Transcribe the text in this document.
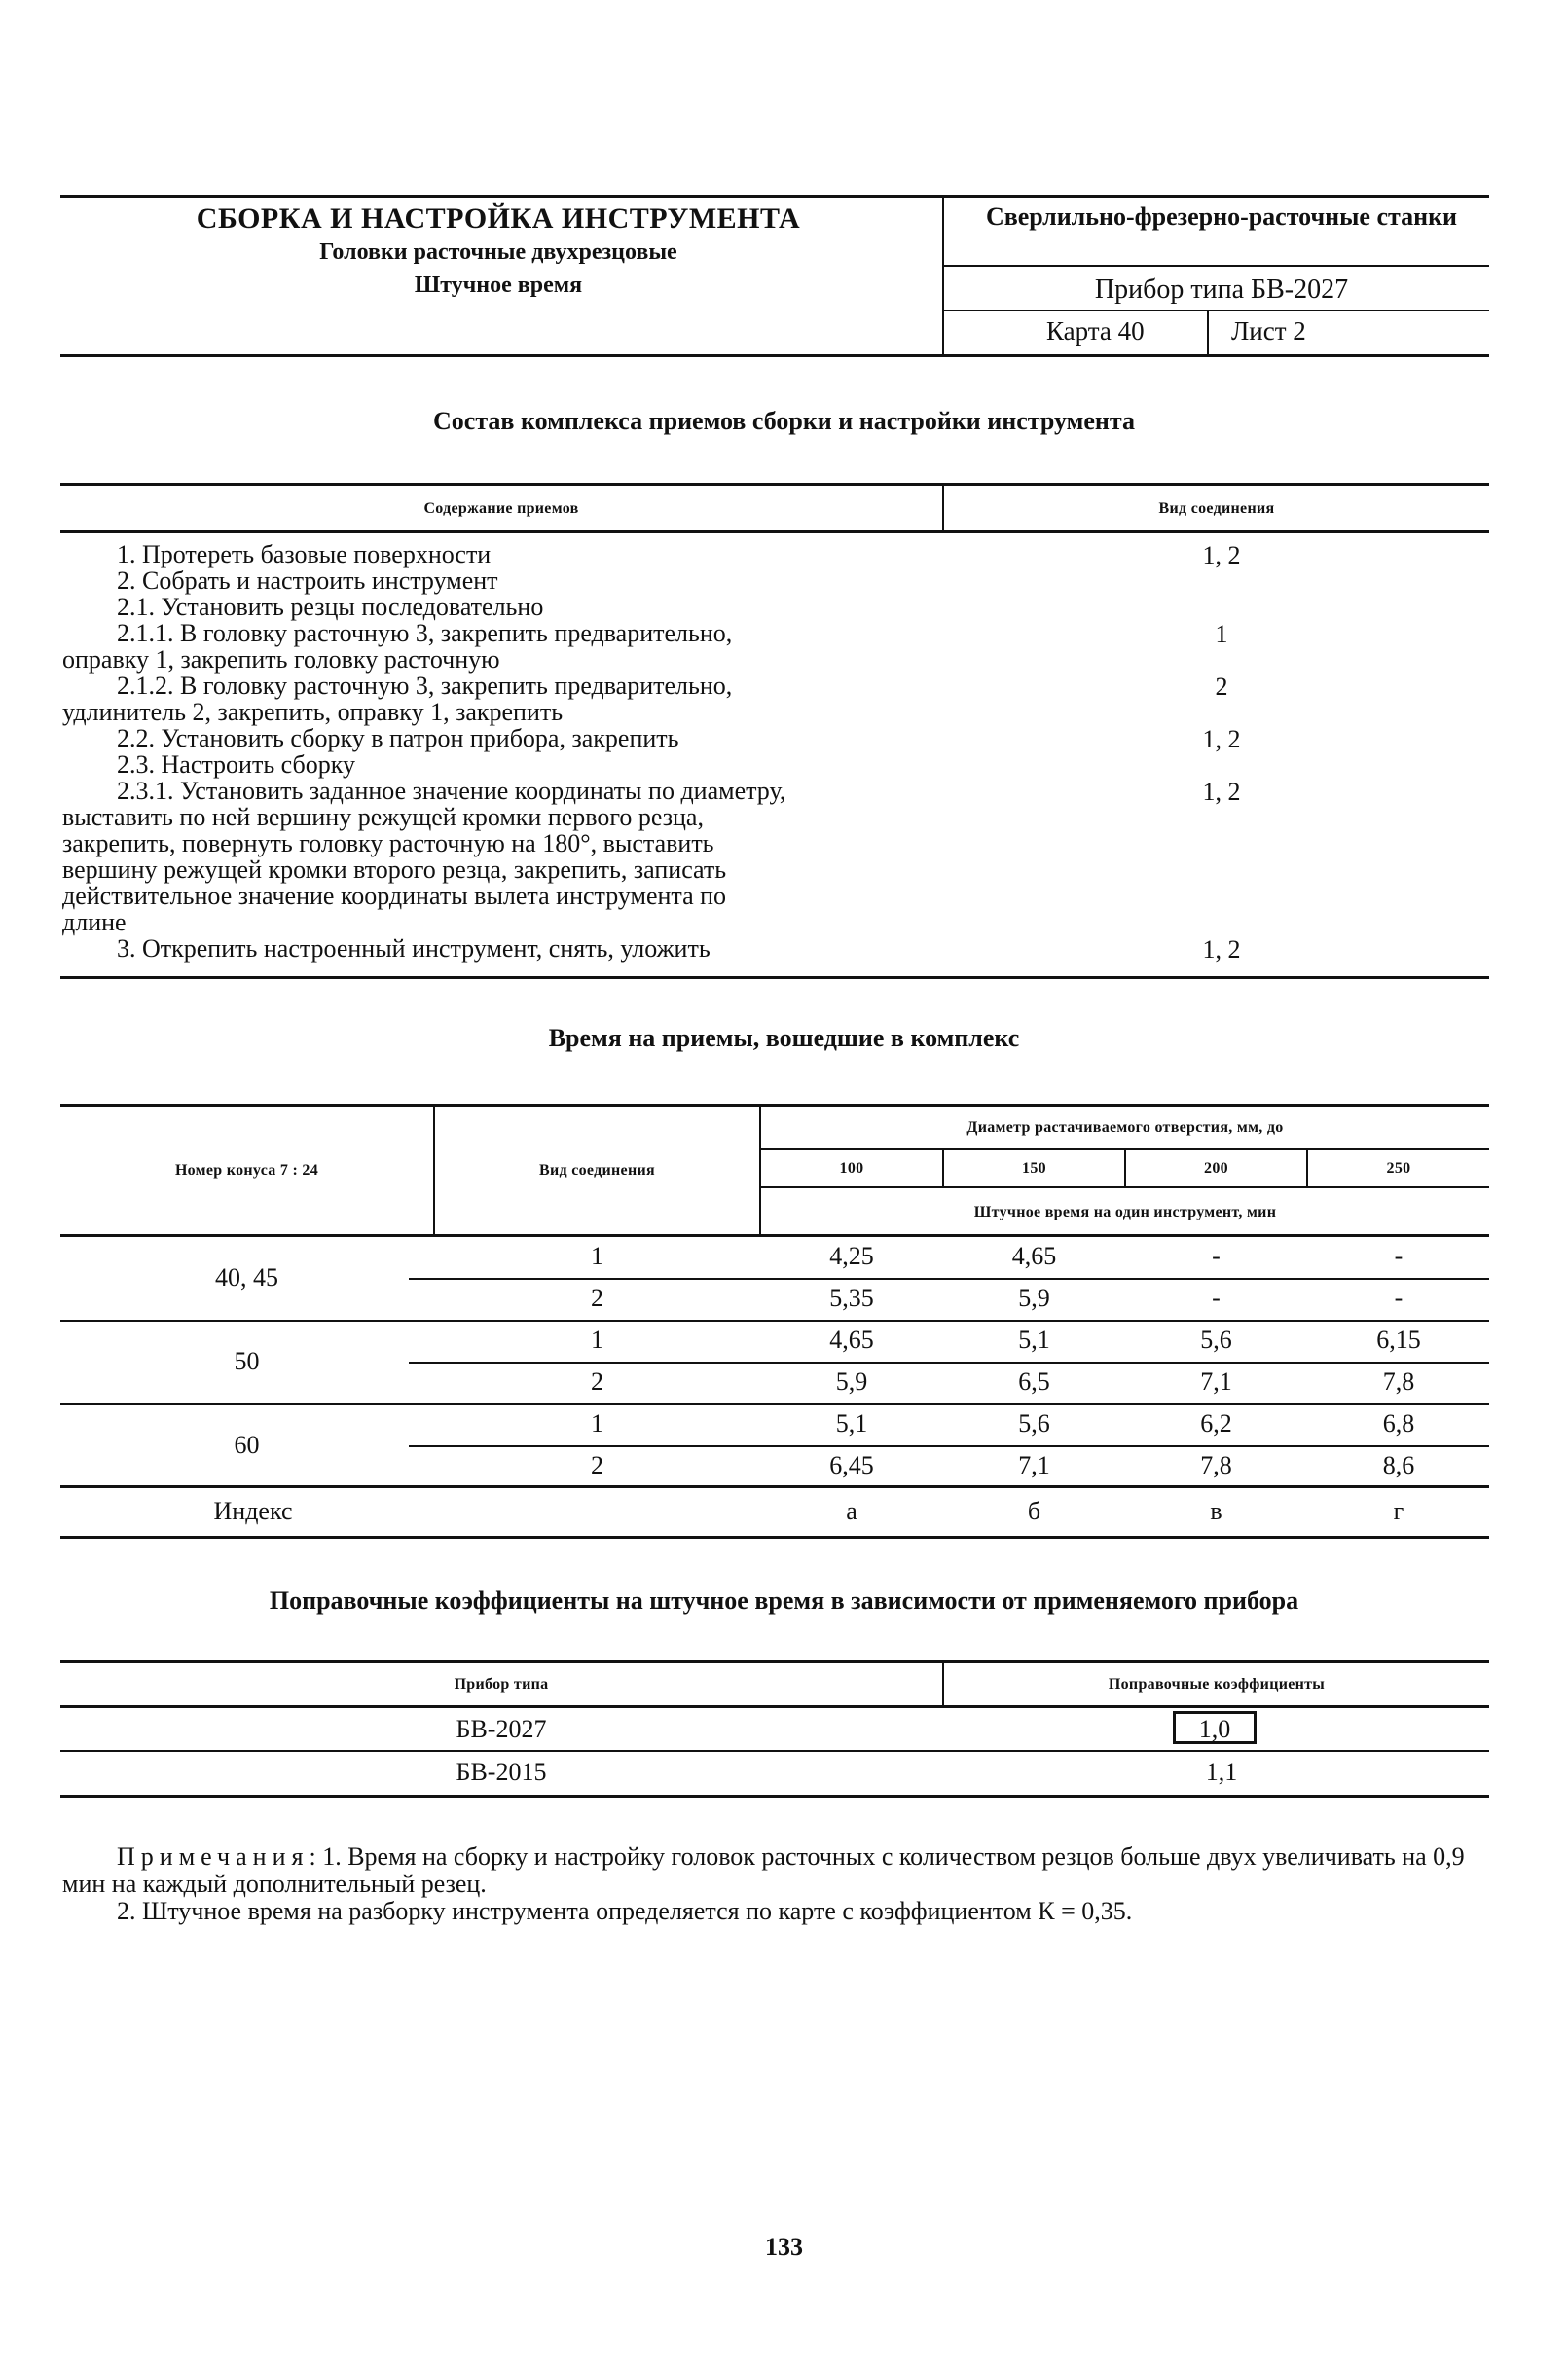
СБОРКА И НАСТРОЙКА ИНСТРУМЕНТА
Головки расточные двухрезцовые
Штучное время
Сверлильно-фрезерно-расточные станки
Прибор типа БВ-2027
Карта 40	Лист 2
Состав комплекса приемов сборки и настройки инструмента
Содержание приемов	Вид соединения
1. Протереть базовые поверхности	1, 2
2. Собрать и настроить инструмент
2.1. Установить резцы последовательно
2.1.1. В головку расточную 3, закрепить предварительно,	1
оправку 1, закрепить головку расточную
2.1.2. В головку расточную 3, закрепить предварительно,	2
удлинитель 2, закрепить, оправку 1, закрепить
2.2. Установить сборку в патрон прибора, закрепить	1, 2
2.3. Настроить сборку
2.3.1. Установить заданное значение координаты по диаметру,	1, 2
выставить по ней вершину режущей кромки первого резца,
закрепить, повернуть головку расточную на 180°, выставить
вершину режущей кромки второго резца, закрепить, записать
действительное значение координаты вылета инструмента по
длине
3. Открепить настроенный инструмент, снять, уложить	1, 2
Время на приемы, вошедшие в комплекс
Номер конуса 7 : 24	Вид соединения
Диаметр растачиваемого отверстия, мм, до
100	150	200	250
Штучное время на один инструмент, мин
40, 45
1	4,25	4,65	-	-
2	5,35	5,9	-	-
50
1	4,65	5,1	5,6	6,15
2	5,9	6,5	7,1	7,8
60
1	5,1	5,6	6,2	6,8
2	6,45	7,1	7,8	8,6
Индекс	а	б	в	г
Поправочные коэффициенты на штучное время в зависимости от применяемого прибора
Прибор типа	Поправочные коэффициенты
БВ-2027	1,0
БВ-2015	1,1
Примечания: 1. Время на сборку и настройку головок расточных с количеством резцов больше двух увеличивать на 0,9 мин на каждый дополнительный резец.
2. Штучное время на разборку инструмента определяется по карте с коэффициентом К = 0,35.
133
